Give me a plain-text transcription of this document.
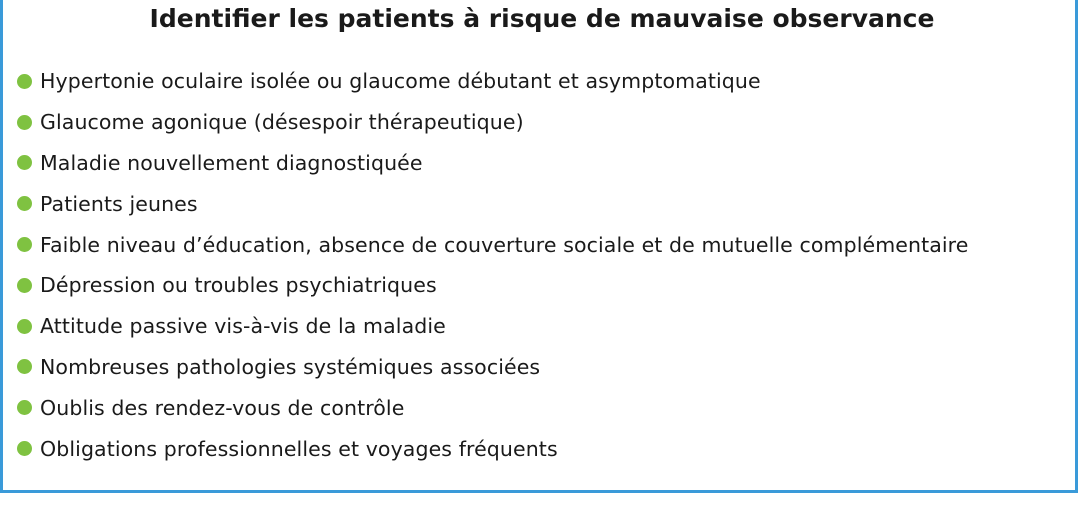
Identifier les patients à risque de mauvaise observance
Hypertonie oculaire isolée ou glaucome débutant et asymptomatique
Glaucome agonique (désespoir thérapeutique)
Maladie nouvellement diagnostiquée
Patients jeunes
Faible niveau d’éducation, absence de couverture sociale et de mutuelle complémentaire
Dépression ou troubles psychiatriques
Attitude passive vis-à-vis de la maladie
Nombreuses pathologies systémiques associées
Oublis des rendez-vous de contrôle
Obligations professionnelles et voyages fréquents
